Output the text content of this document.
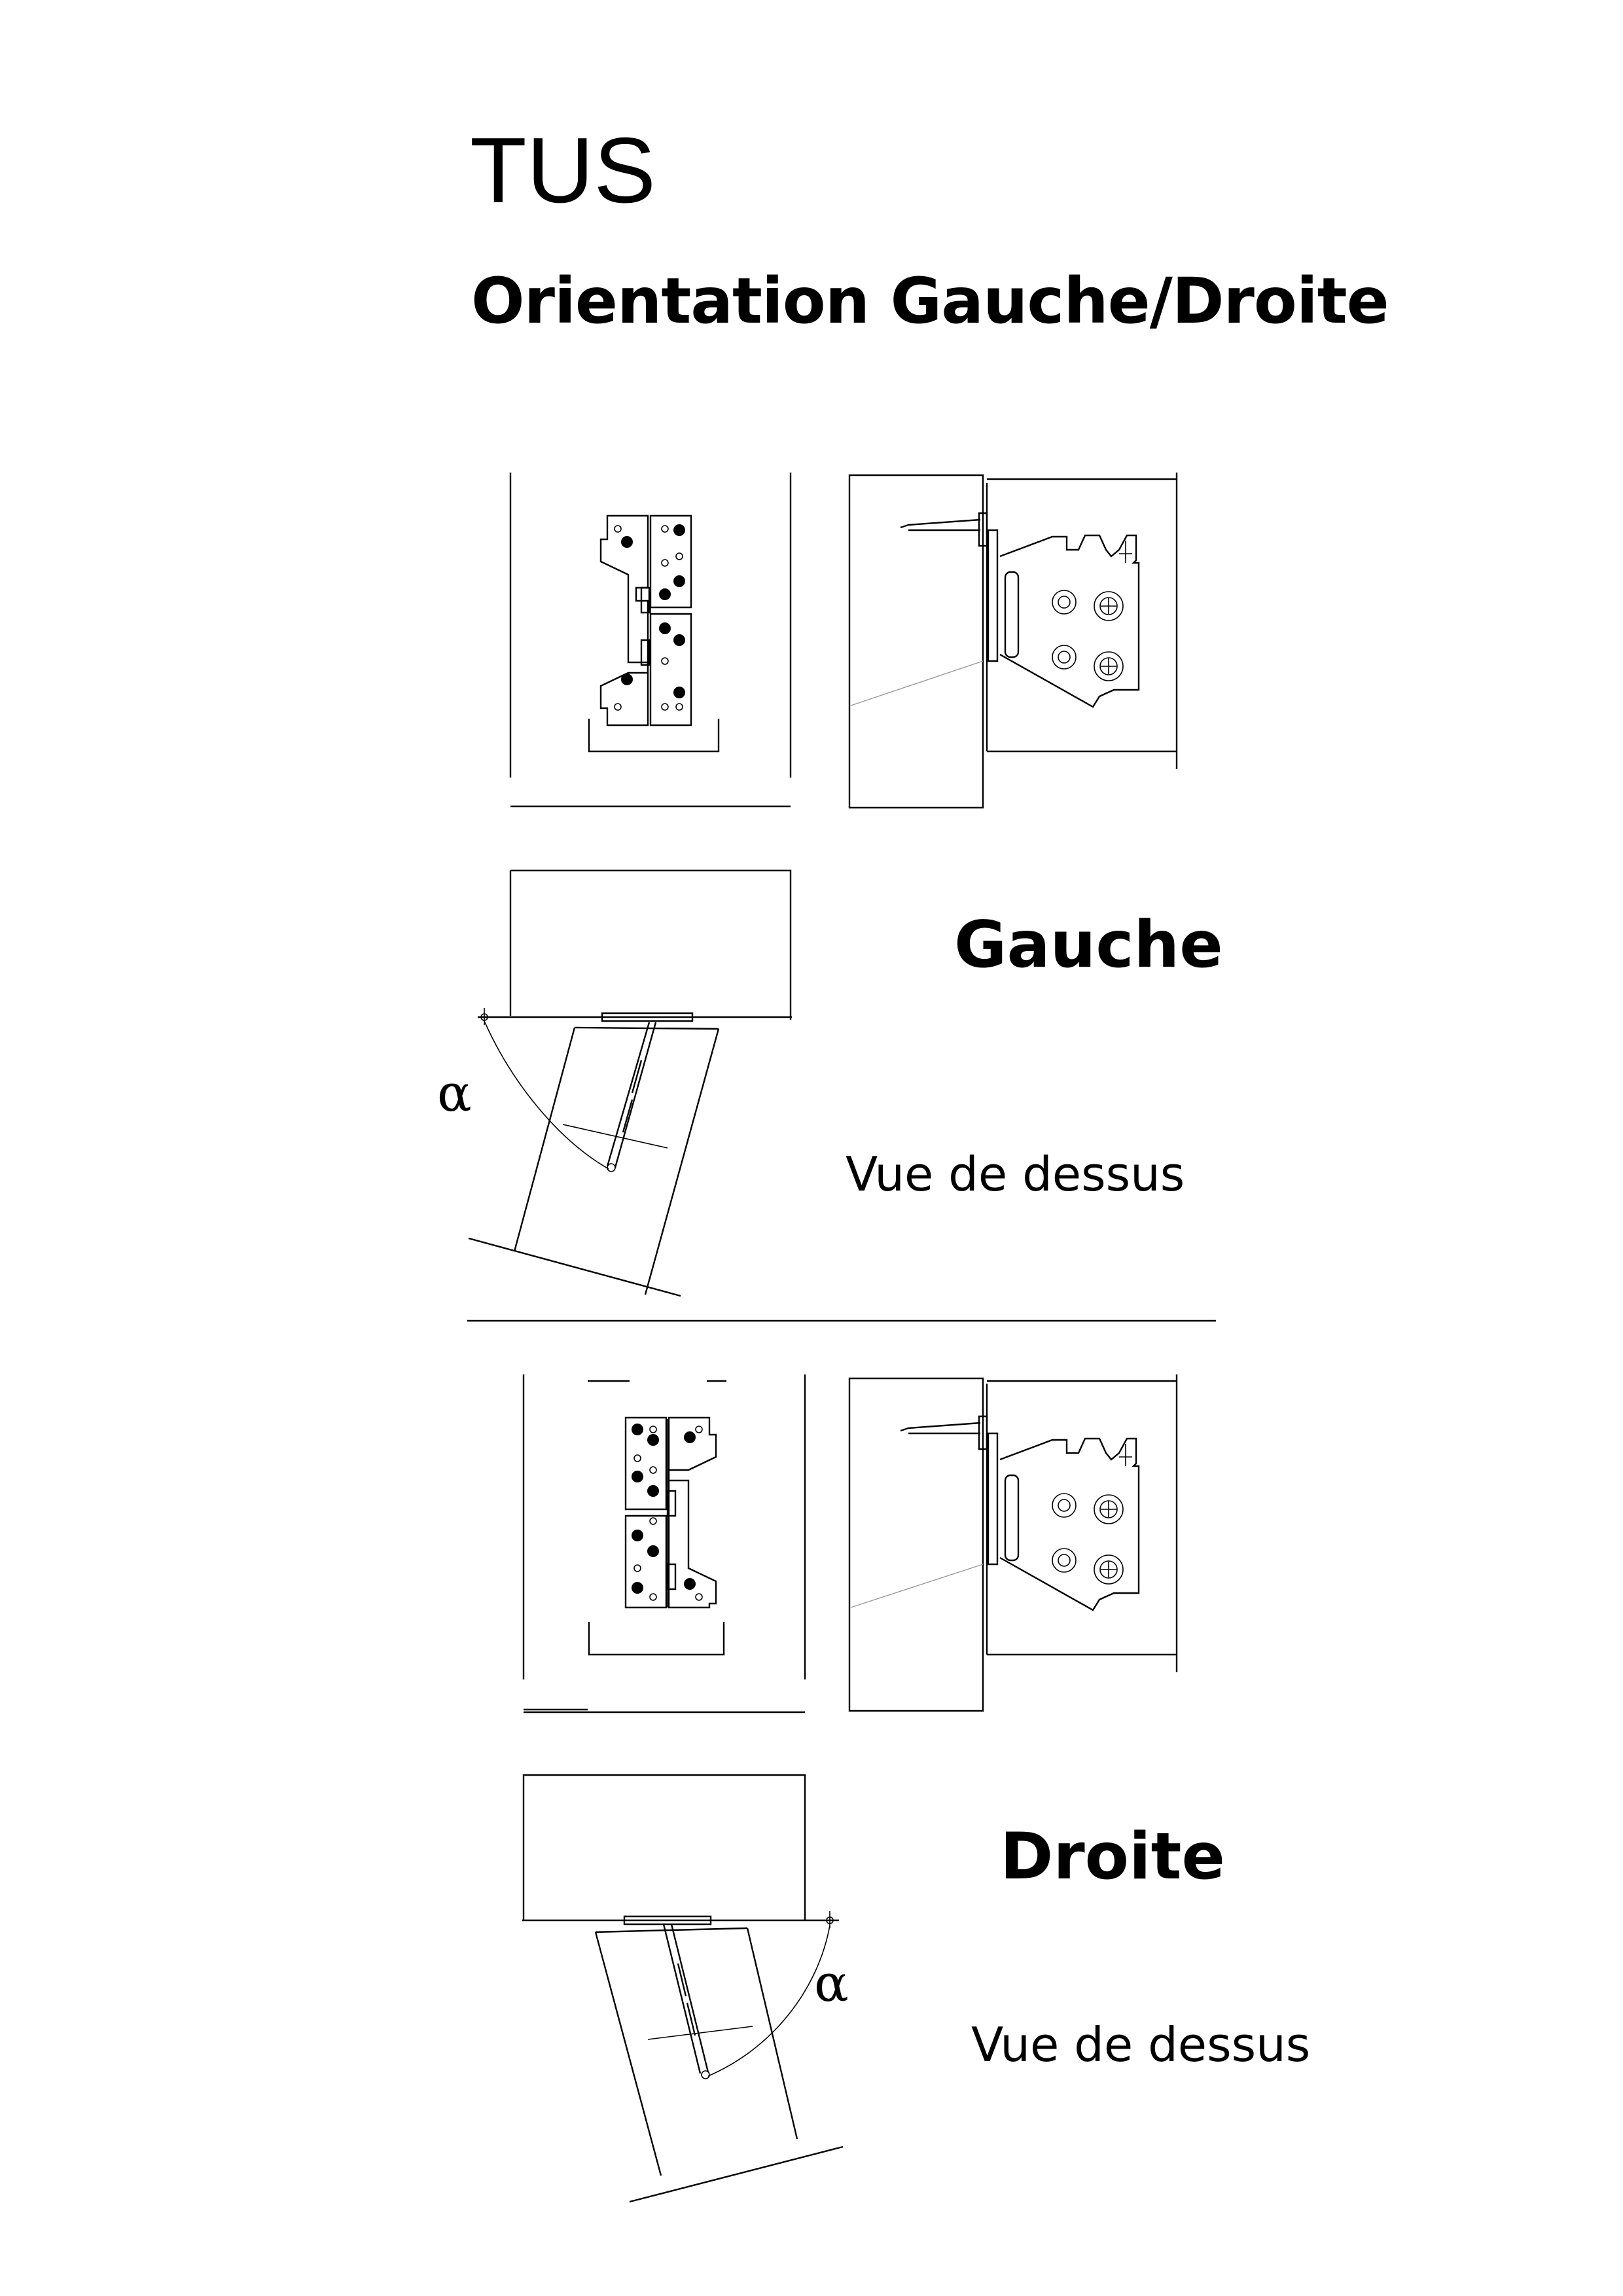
TUS
Orientation Gauche/Droite
Gauche
Vue de dessus
α
Droite
Vue de dessus
α
